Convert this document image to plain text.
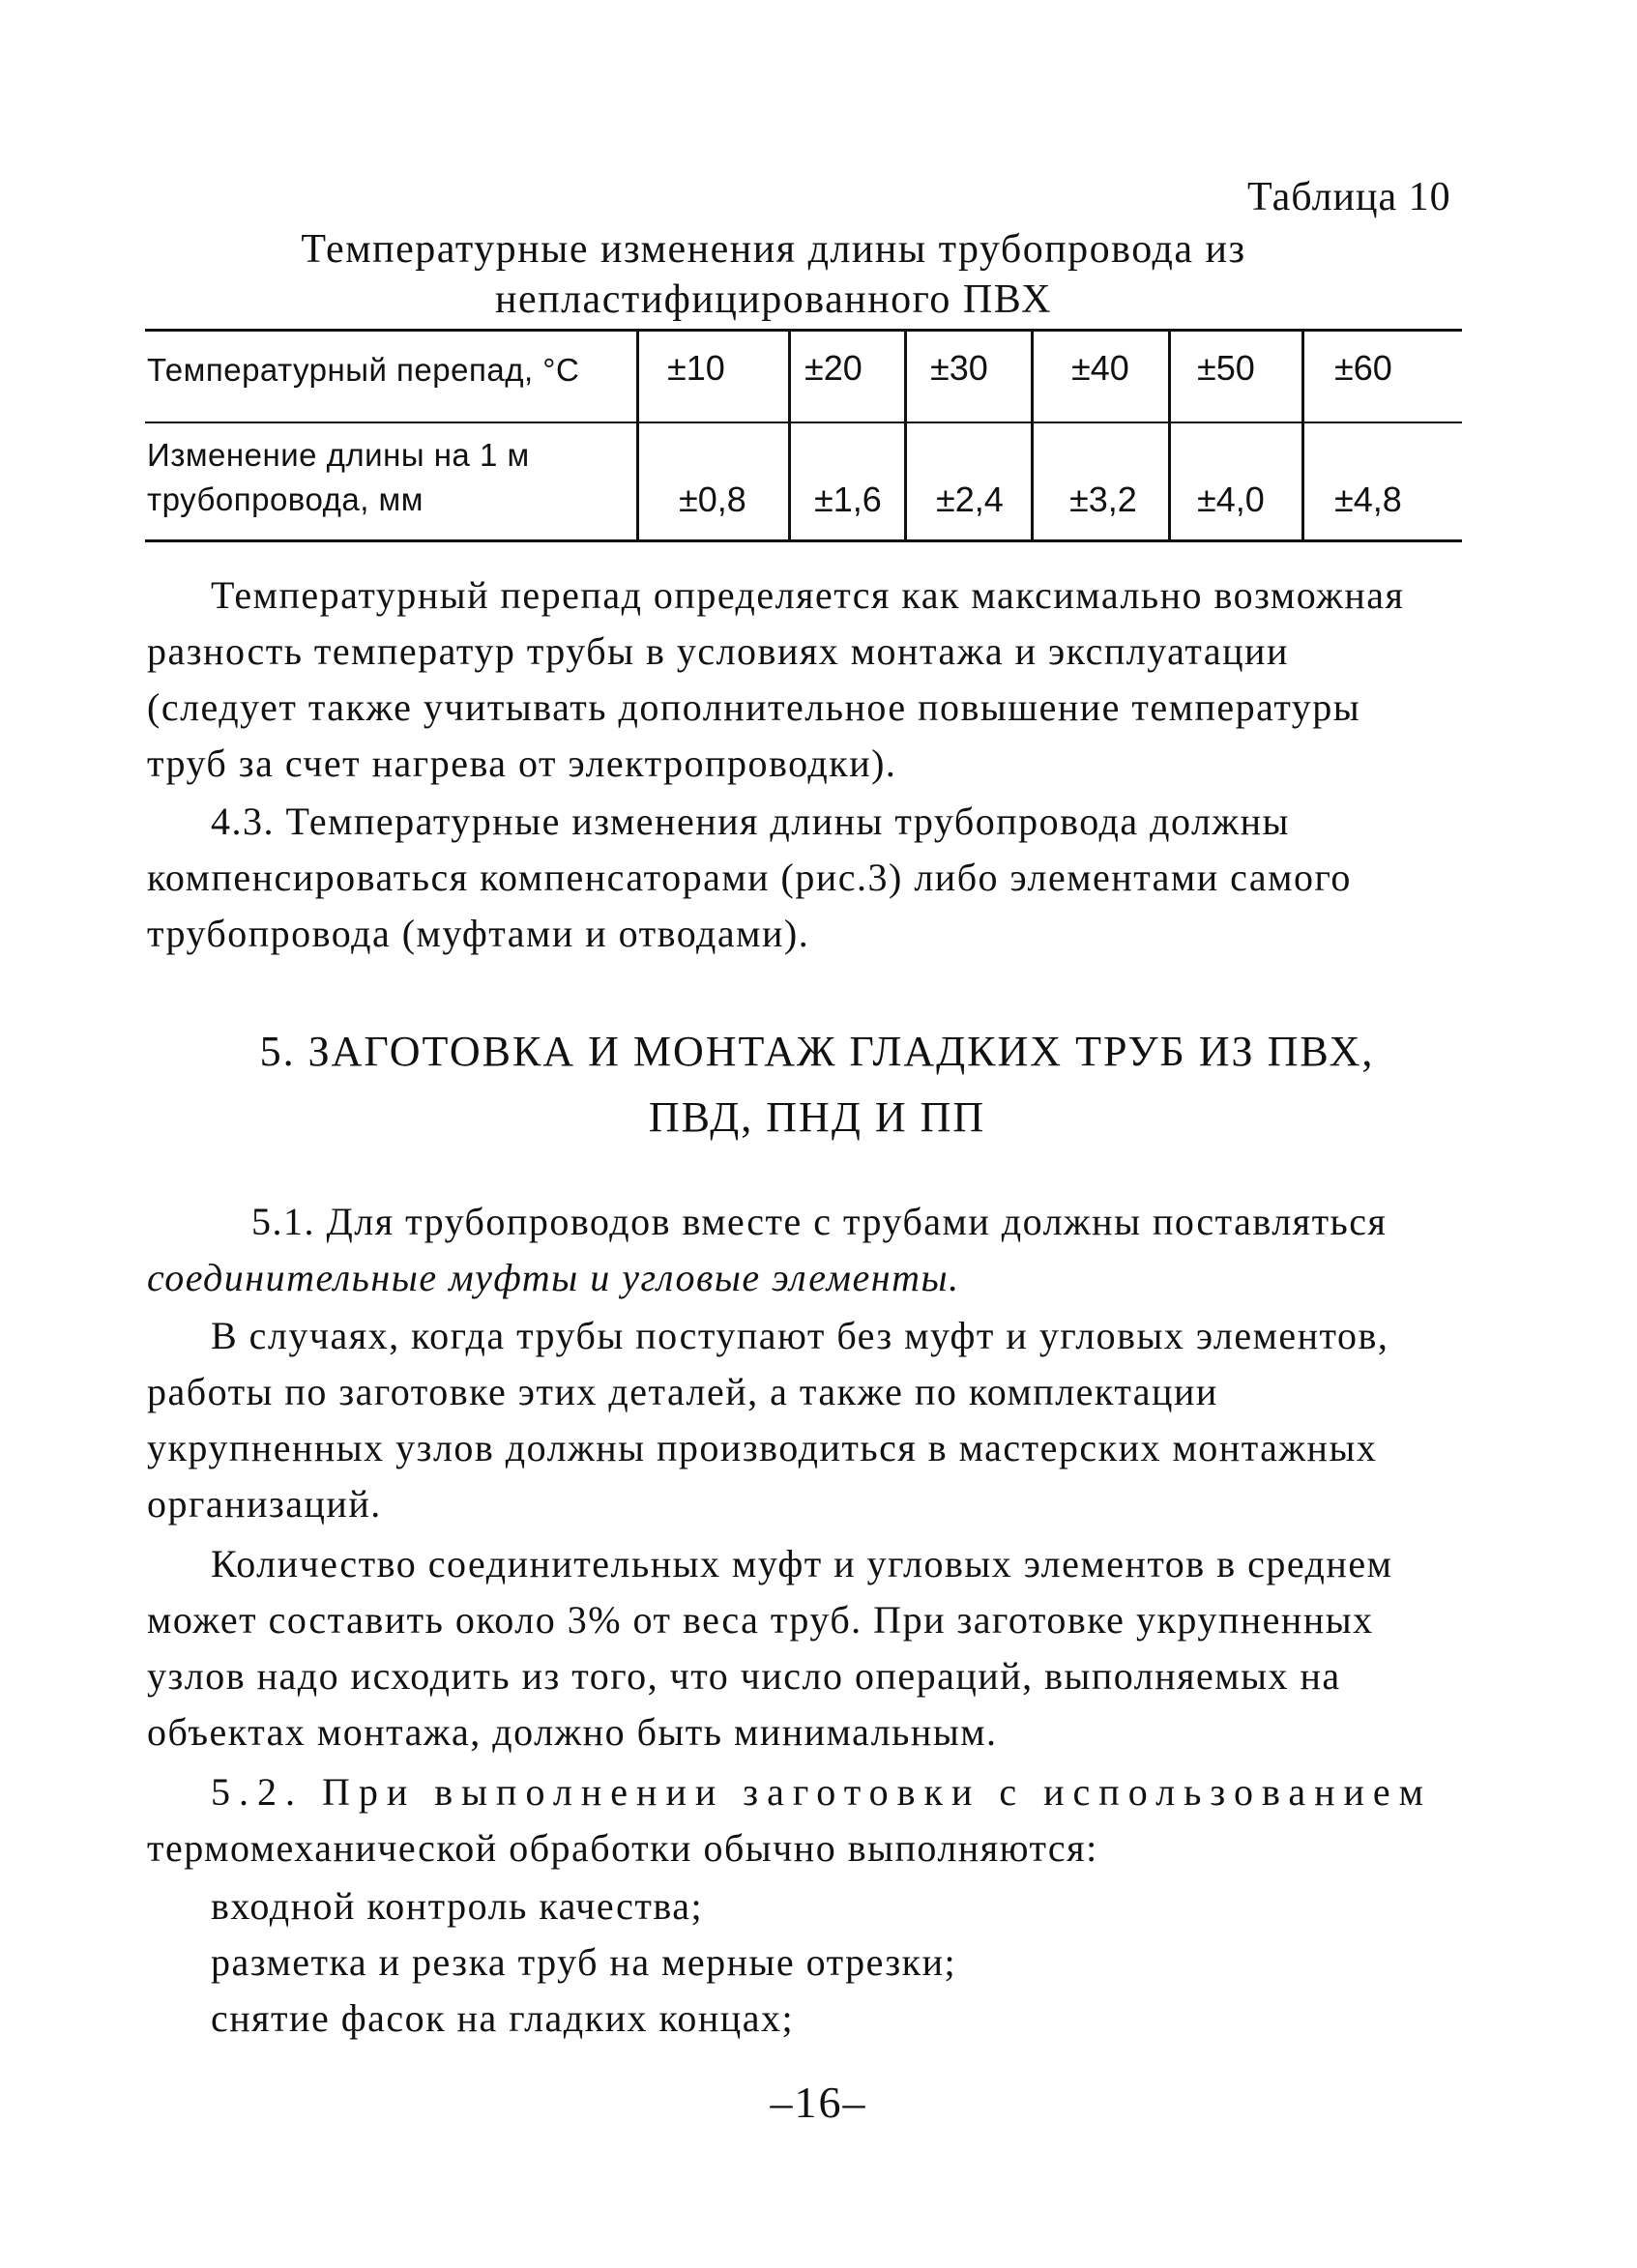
Таблица 10
Температурные изменения длины трубопровода из
непластифицированного ПВХ
Температурный перепад, °С	±10 ±20 ±30 ±40 ±50 ±60
Изменение длины на 1 м
трубопровода, мм	±0,8 ±1,6 ±2,4 ±3,2 ±4,0 ±4,8
Температурный перепад определяется как максимально возможная
разность температур трубы в условиях монтажа и эксплуатации
(следует также учитывать дополнительное повышение температуры
труб за счет нагрева от электропроводки).
4.3. Температурные изменения длины трубопровода должны
компенсироваться компенсаторами (рис.3) либо элементами самого
трубопровода (муфтами и отводами).
5. ЗАГОТОВКА И МОНТАЖ ГЛАДКИХ ТРУБ ИЗ ПВХ,
ПВД, ПНД И ПП
5.1. Для трубопроводов вместе с трубами должны поставляться
соединительные муфты и угловые элементы.
В случаях, когда трубы поступают без муфт и угловых элементов,
работы по заготовке этих деталей, а также по комплектации
укрупненных узлов должны производиться в мастерских монтажных
организаций.
Количество соединительных муфт и угловых элементов в среднем
может составить около 3% от веса труб. При заготовке укрупненных
узлов надо исходить из того, что число операций, выполняемых на
объектах монтажа, должно быть минимальным.
5.2. При выполнении заготовки с использованием
термомеханической обработки обычно выполняются:
входной контроль качества;
разметка и резка труб на мерные отрезки;
снятие фасок на гладких концах;
–16–
